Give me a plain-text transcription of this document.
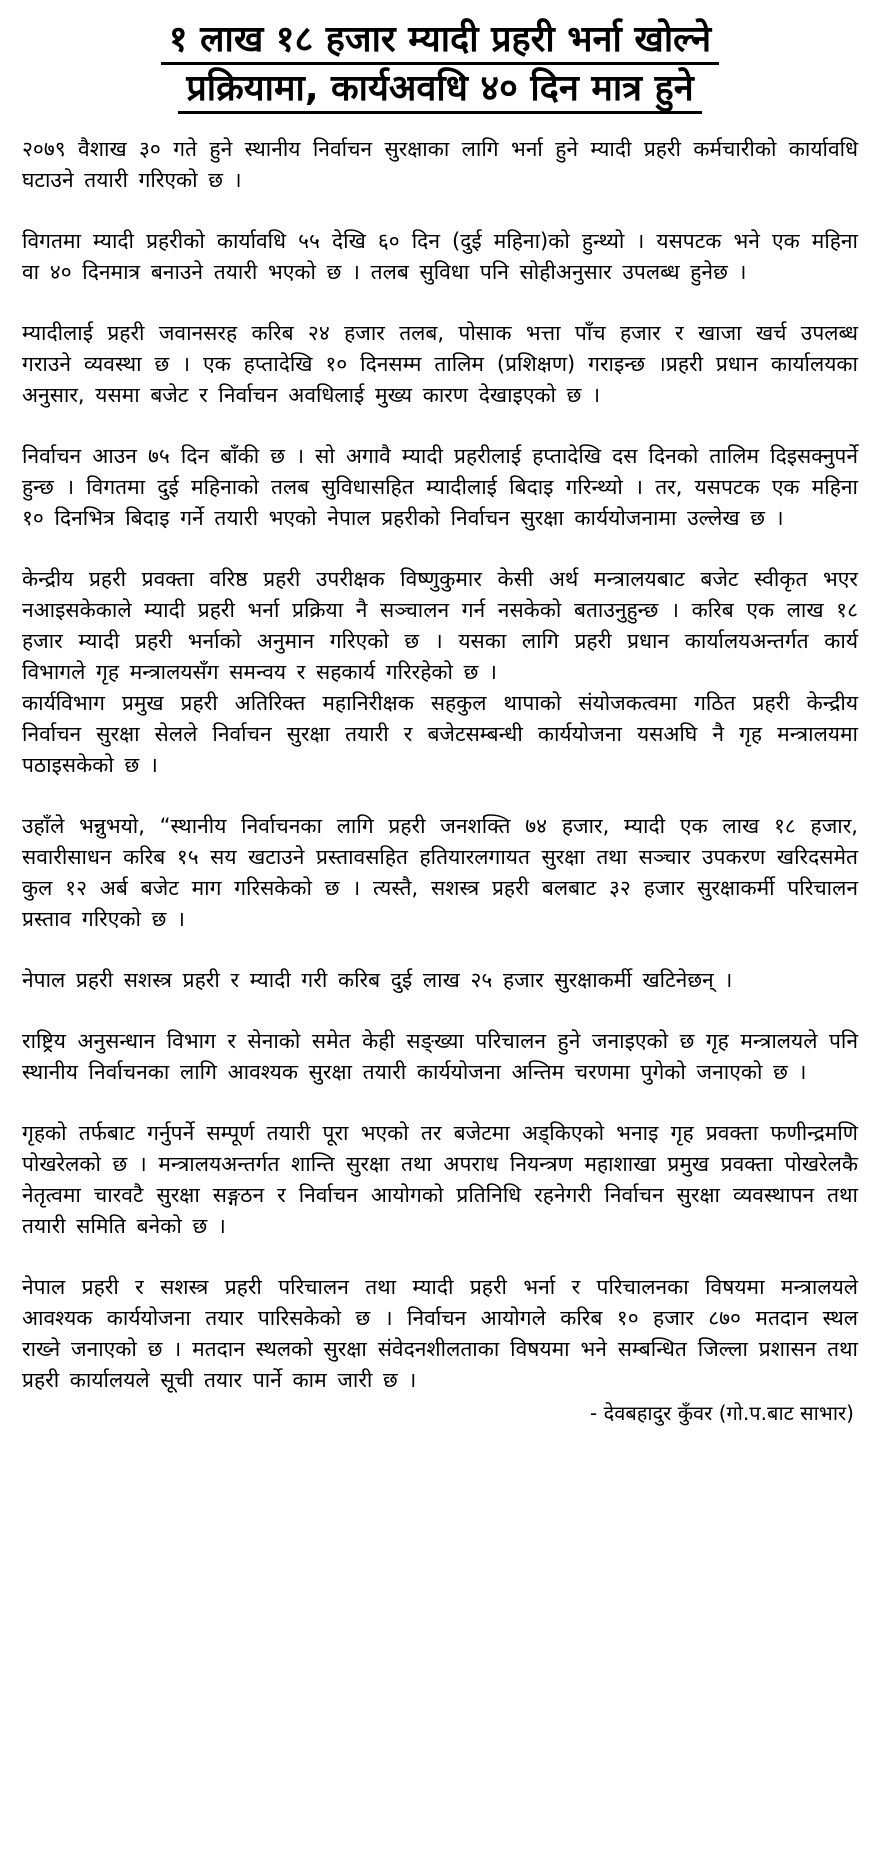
१ लाख १८ हजार म्यादी प्रहरी भर्ना खोल्ने
प्रक्रियामा, कार्यअवधि ४० दिन मात्र हुने

२०७९ वैशाख ३० गते हुने स्थानीय निर्वाचन सुरक्षाका लागि भर्ना हुने म्यादी प्रहरी कर्मचारीको कार्यावधि घटाउने तयारी गरिएको छ ।

विगतमा म्यादी प्रहरीको कार्यावधि ५५ देखि ६० दिन (दुई महिना)को हुन्थ्यो । यसपटक भने एक महिना वा ४० दिनमात्र बनाउने तयारी भएको छ । तलब सुविधा पनि सोहीअनुसार उपलब्ध हुनेछ ।

म्यादीलाई प्रहरी जवानसरह करिब २४ हजार तलब, पोसाक भत्ता पाँच हजार र खाजा खर्च उपलब्ध गराउने व्यवस्था छ । एक हप्तादेखि १० दिनसम्म तालिम (प्रशिक्षण) गराइन्छ ।प्रहरी प्रधान कार्यालयका अनुसार, यसमा बजेट र निर्वाचन अवधिलाई मुख्य कारण देखाइएको छ ।

निर्वाचन आउन ७५ दिन बाँकी छ । सो अगावै म्यादी प्रहरीलाई हप्तादेखि दस दिनको तालिम दिइसक्नुपर्ने हुन्छ । विगतमा दुई महिनाको तलब सुविधासहित म्यादीलाई बिदाइ गरिन्थ्यो । तर, यसपटक एक महिना १० दिनभित्र बिदाइ गर्ने तयारी भएको नेपाल प्रहरीको निर्वाचन सुरक्षा कार्ययोजनामा उल्लेख छ ।

केन्द्रीय प्रहरी प्रवक्ता वरिष्ठ प्रहरी उपरीक्षक विष्णुकुमार केसी अर्थ मन्त्रालयबाट बजेट स्वीकृत भएर नआइसकेकाले म्यादी प्रहरी भर्ना प्रक्रिया नै सञ्चालन गर्न नसकेको बताउनुहुन्छ । करिब एक लाख १८ हजार म्यादी प्रहरी भर्नाको अनुमान गरिएको छ । यसका लागि प्रहरी प्रधान कार्यालयअन्तर्गत कार्य विभागले गृह मन्त्रालयसँग समन्वय र सहकार्य गरिरहेको छ ।

कार्यविभाग प्रमुख प्रहरी अतिरिक्त महानिरीक्षक सहकुल थापाको संयोजकत्वमा गठित प्रहरी केन्द्रीय निर्वाचन सुरक्षा सेलले निर्वाचन सुरक्षा तयारी र बजेटसम्बन्धी कार्ययोजना यसअघि नै गृह मन्त्रालयमा पठाइसकेको छ ।

उहाँले भन्नुभयो, “स्थानीय निर्वाचनका लागि प्रहरी जनशक्ति ७४ हजार, म्यादी एक लाख १८ हजार, सवारीसाधन करिब १५ सय खटाउने प्रस्तावसहित हतियारलगायत सुरक्षा तथा सञ्चार उपकरण खरिदसमेत कुल १२ अर्ब बजेट माग गरिसकेको छ । त्यस्तै, सशस्त्र प्रहरी बलबाट ३२ हजार सुरक्षाकर्मी परिचालन प्रस्ताव गरिएको छ ।

नेपाल प्रहरी सशस्त्र प्रहरी र म्यादी गरी करिब दुई लाख २५ हजार सुरक्षाकर्मी खटिनेछन् ।

राष्ट्रिय अनुसन्धान विभाग र सेनाको समेत केही सङ्ख्या परिचालन हुने जनाइएको छ गृह मन्त्रालयले पनि स्थानीय निर्वाचनका लागि आवश्यक सुरक्षा तयारी कार्ययोजना अन्तिम चरणमा पुगेको जनाएको छ ।

गृहको तर्फबाट गर्नुपर्ने सम्पूर्ण तयारी पूरा भएको तर बजेटमा अड्किएको भनाइ गृह प्रवक्ता फणीन्द्रमणि पोखरेलको छ । मन्त्रालयअन्तर्गत शान्ति सुरक्षा तथा अपराध नियन्त्रण महाशाखा प्रमुख प्रवक्ता पोखरेलकै नेतृत्वमा चारवटै सुरक्षा सङ्गठन र निर्वाचन आयोगको प्रतिनिधि रहनेगरी निर्वाचन सुरक्षा व्यवस्थापन तथा तयारी समिति बनेको छ ।

नेपाल प्रहरी र सशस्त्र प्रहरी परिचालन तथा म्यादी प्रहरी भर्ना र परिचालनका विषयमा मन्त्रालयले आवश्यक कार्ययोजना तयार पारिसकेको छ । निर्वाचन आयोगले करिब १० हजार ८७० मतदान स्थल राख्ने जनाएको छ । मतदान स्थलको सुरक्षा संवेदनशीलताका विषयमा भने सम्बन्धित जिल्ला प्रशासन तथा प्रहरी कार्यालयले सूची तयार पार्ने काम जारी छ ।

- देवबहादुर कुँवर (गो.प.बाट साभार)
